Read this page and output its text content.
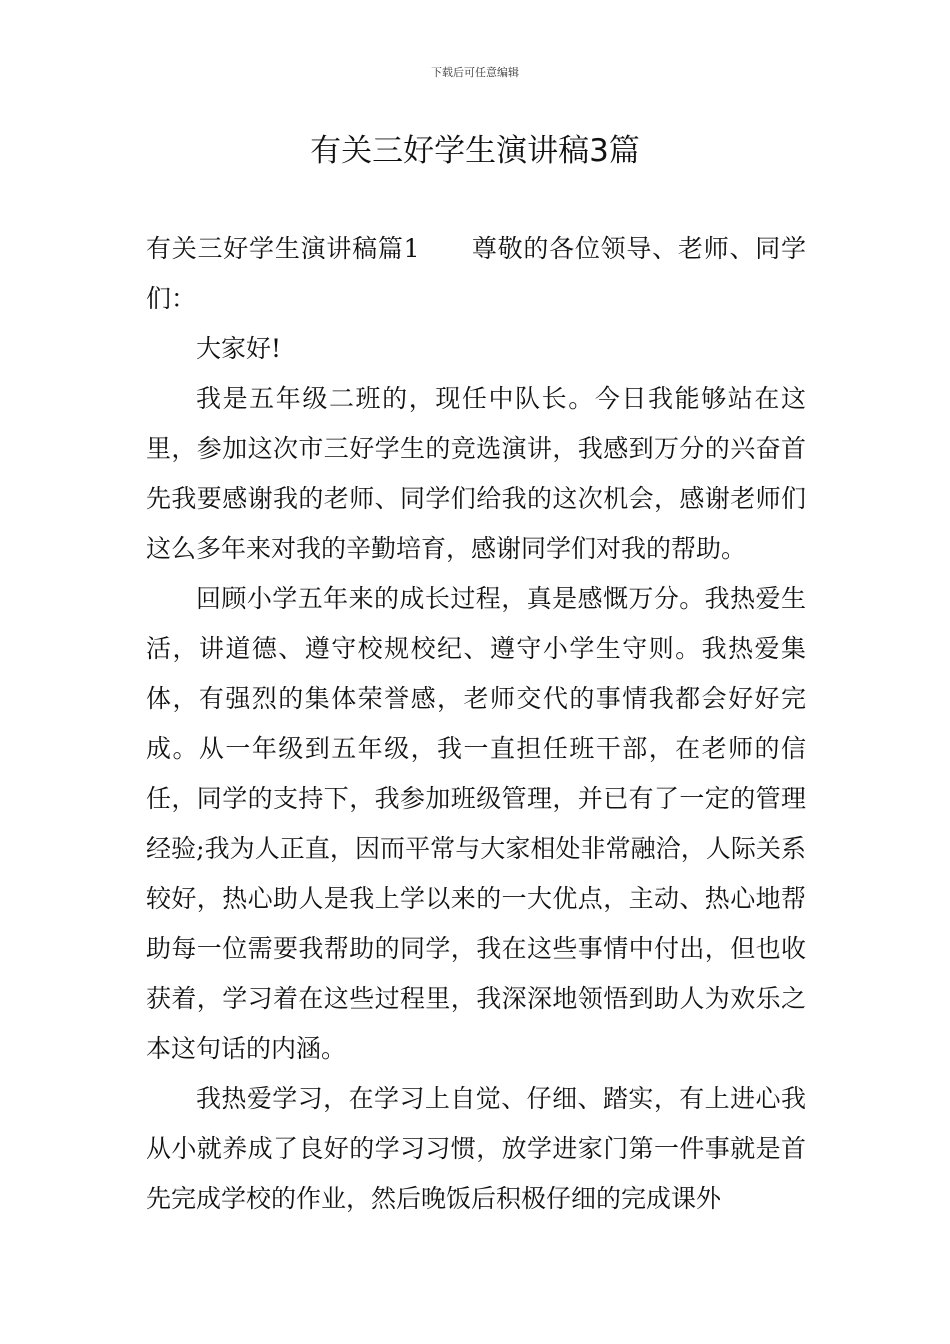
下载后可任意编辑
有关三好学生演讲稿3篇

有关三好学生演讲稿篇1　　尊敬的各位领导、老师、同学们：

大家好!

我是五年级二班的，现任中队长。今日我能够站在这里，参加这次市三好学生的竞选演讲，我感到万分的兴奋首先我要感谢我的老师、同学们给我的这次机会，感谢老师们这么多年来对我的辛勤培育，感谢同学们对我的帮助。

回顾小学五年来的成长过程，真是感慨万分。我热爱生活，讲道德、遵守校规校纪、遵守小学生守则。我热爱集体，有强烈的集体荣誉感，老师交代的事情我都会好好完成。从一年级到五年级，我一直担任班干部，在老师的信任，同学的支持下，我参加班级管理，并已有了一定的管理经验;我为人正直，因而平常与大家相处非常融洽，人际关系较好，热心助人是我上学以来的一大优点，主动、热心地帮助每一位需要我帮助的同学，我在这些事情中付出，但也收获着，学习着在这些过程里，我深深地领悟到助人为欢乐之本这句话的内涵。

我热爱学习，在学习上自觉、仔细、踏实，有上进心我从小就养成了良好的学习习惯，放学进家门第一件事就是首先完成学校的作业，然后晚饭后积极仔细的完成课外
